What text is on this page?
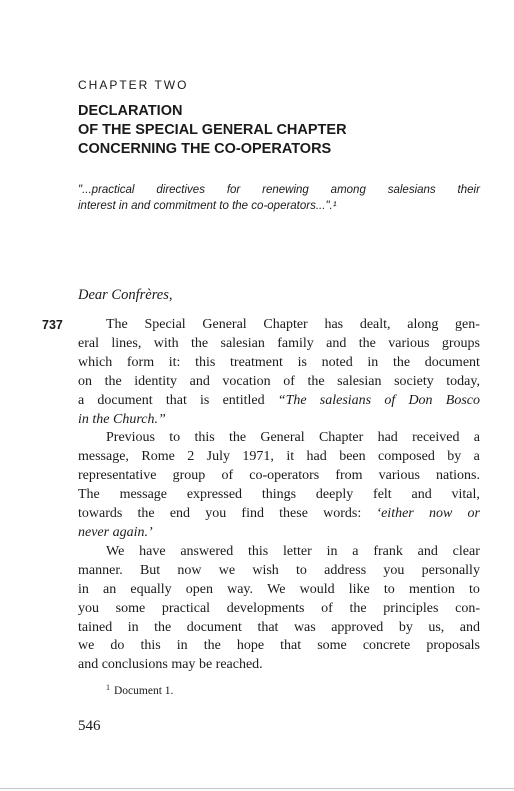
CHAPTER TWO
DECLARATION
OF THE SPECIAL GENERAL CHAPTER
CONCERNING THE CO-OPERATORS
"...practical directives for renewing among salesians their
interest
in
and
commitment
to
the
co-operators...".¹

Dear Confrères,
737	The Special General Chapter has dealt, along gen-
eral lines, with the salesian family and the various groups
which form it: this treatment is noted in the document
on the identity and vocation of the salesian society today,
a document that is entitled “The salesians of Don Bosco
in
the
Church.”

Previous to this the General Chapter had received a
message, Rome 2 July 1971, it had been composed by a
representative group of co-operators from various nations.
The message expressed things deeply felt and vital,
towards the end you find these words: ‘either now or
never
again.’

We have answered this letter in a frank and clear
manner. But now we wish to address you personally
in an equally open way. We would like to mention to
you some practical developments of the principles con-
tained in the document that was approved by us, and
we do this in the hope that some concrete proposals
and
conclusions
may
be
reached.

$^1$ Document 1.
546
